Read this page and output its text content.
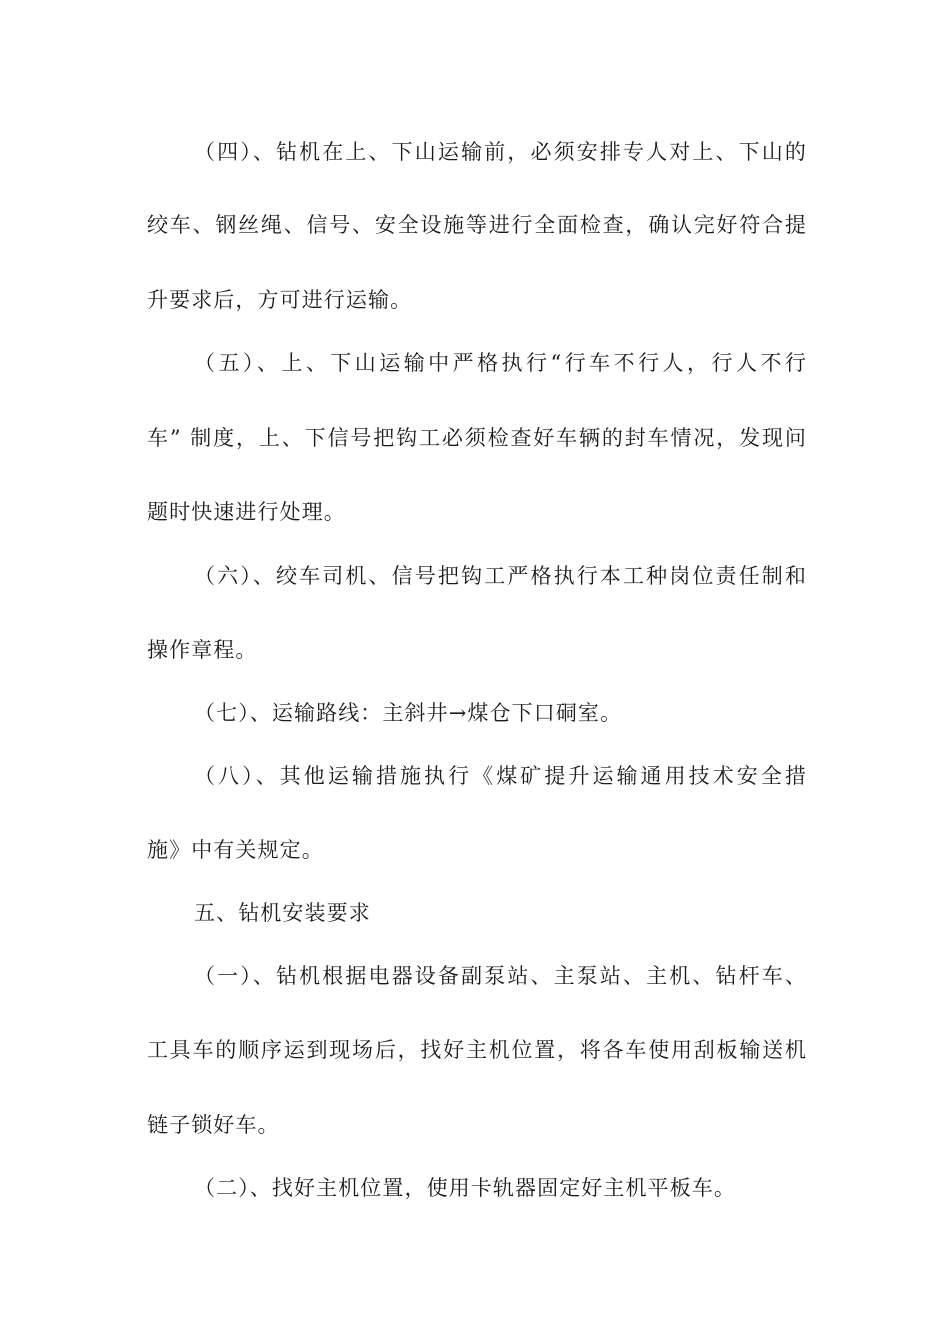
（四）、钻机在上、下山运输前，必须安排专人对上、下山的
绞车、钢丝绳、信号、安全设施等进行全面检查，确认完好符合提
升要求后，方可进行运输。
（五）、上、下山运输中严格执行“行车不行人，行人不行
车” 制度，上、下信号把钩工必须检查好车辆的封车情况，发现问
题时快速进行处理。
（六）、绞车司机、信号把钩工严格执行本工种岗位责任制和
操作章程。
（七）、运输路线：主斜井→煤仓下口硐室。
（八）、其他运输措施执行《煤矿提升运输通用技术安全措
施》中有关规定。
五、钻机安装要求
（一）、钻机根据电器设备副泵站、主泵站、主机、钻杆车、
工具车的顺序运到现场后，找好主机位置，将各车使用刮板输送机
链子锁好车。
（二）、找好主机位置，使用卡轨器固定好主机平板车。
